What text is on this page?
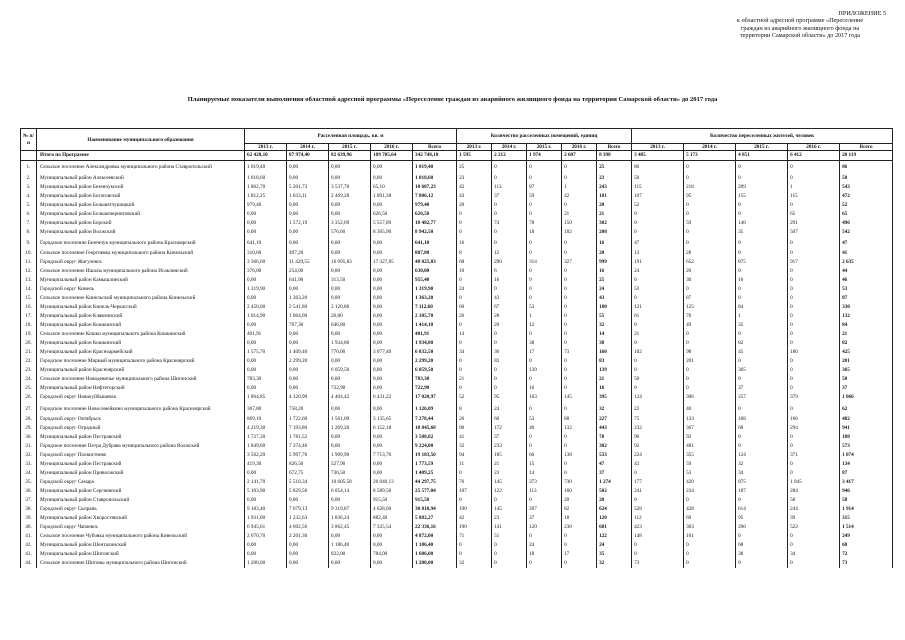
ПРИЛОЖЕНИЕ 5
к областной адресной программе «Переселение
граждан из аварийного жилищного фонда на
территории Самарской области» до 2017 года
Планируемые показатели выполнения областной адресной программы «Переселение граждан из аварийного жилищного фонда на территории Самарской области» до 2017 года
№ п/п	Наименование муниципального образования	Расселенная площадь, кв. м					Количество расселенных помещений, единиц					Количество переселенных жителей, человек				
		2013 г.	2014 г.	2015 г.	2016 г.	Всего	2013 г.	2014 г.	2015 г.	2016 г.	Всего	2013 г.	2014 г.	2015 г.	2016 г.	Всего
	Итого по Программе	62 428,10	87 974,40	82 639,96	109 705,64	342 748,10	1 595	2 212	1 974	2 607	8 398	3 485	5 173	4 851	6 412	20 119
1.	Сельское поселение Александровка муниципального района Ставропольский	1 019,40	0,00	0,00	0,00	1 019,40	25	0	0	0	25	86	0	0	0	86
2.	Муниципальный район Алексеевский	1 018,60	0,00	0,00	0,00	1 018,60	23	0	0	0	23	50	0	0	0	50
3.	Муниципальный район Безенчукский	1 862,70	5 201,73	3 537,70	65,10	10 607,23	42	113	87	1	243	115	218	209	1	543
4.	Муниципальный район Богатовский	1 812,25	1 633,11	2 469,28	1 891,38	7 806,12	43	37	59	42	181	107	95	155	115	472
5.	Муниципальный район Большеглушицкий	979,40	0,00	0,00	0,00	979,40	20	0	0	0	20	52	0	0	0	52
6.	Муниципальный район Большечерниговский	0,00	0,00	0,00	626,50	626,50	0	0	0	21	21	0	0	0	65	65
7.	Муниципальный район Борский	0,00	1 572,19	3 352,69	5 557,89	10 482,77	0	74	78	150	302	0	59	146	291	496
8.	Муниципальный район Волжский	0,00	0,00	576,60	8 365,90	8 942,50	0	0	18	182	200	0	0	35	507	542
9.	Городское поселение Безенчук муниципального района Красноярский	641,10	0,00	0,00	0,00	641,10	16	0	0	0	16	47	0	0	0	47
10.	Сельское поселение Георгиевка муниципального района Кинельский	310,60	497,20	0,00	0,00	807,80	8	12	0	0	20	13	28	0	0	41
11.	Городской округ Жигулевск	3 366,60	11 429,55	16 095,83	17 327,05	48 025,03	68	290	314	327	999	191	652	875	917	2 635
12.	Сельское поселение Ишалы муниципального района Исаклинский	376,00	254,00	0,00	0,00	630,00	10	6	0	0	16	24	20	0	0	44
13.	Муниципальный район Камышлинский	0,00	641,90	313,50	0,00	955,40	0	16	9	0	25	0	30	16	0	46
14.	Городской округ Кинель	1 319,90	0,00	0,00	0,00	1 319,90	24	0	0	0	24	53	0	0	0	53
15.	Сельское поселение Кинельский муниципального района Кинельский	0,00	1 363,20	0,00	0,00	1 363,20	0	43	0	0	43	0	87	0	0	87
16.	Муниципальный район Кинель-Черкасский	2 450,00	2 541,80	2 120,80	0,00	7 112,60	60	67	53	0	180	121	125	84	0	330
17.	Муниципальный район Клявлинский	1 014,90	1 064,00	26,80	0,00	2 105,70	26	28	1	0	55	61	70	1	0	132
18.	Муниципальный район Кошкинский	0,00	767,30	646,80	0,00	1 414,10	0	20	12	0	32	0	49	35	0	84
19.	Сельское поселение Кошки муниципального района Кошкинский	401,91	0,00	0,00	0,00	401,91	14	0	0	0	14	21	0	0	0	21
20.	Муниципальный район Кошкинский	0,00	0,00	1 934,80	0,00	1 934,80	0	0	38	0	38	0	0	82	0	82
21.	Муниципальный район Красноармейский	1 575,70	1 409,40	770,00	3 077,40	6 832,50	34	36	17	73	160	102	98	45	180	425
22.	Городское поселение Мирный муниципального района Красноярский	0,00	2 299,20	0,00	0,00	2 299,20	0	83	0	0	83	0	201	0	0	201
23.	Муниципальный район Красноярский	0,00	0,00	6 059,50	0,00	6 059,50	0	0	139	0	139	0	0	365	0	365
24.	Сельское поселение Новодевичье муниципального района Шигонский	783,30	0,00	0,00	0,00	783,30	21	0	0	0	21	50	0	0	0	50
25.	Муниципальный район Нефтегорский	0,00	0,00	722,90	0,00	722,90	0	0	16	0	16	0	0	37	0	37
26.	Городской округ Новокуйбышевск	1 864,85	4 320,90	4 404,42	6 431,22	17 020,97	52	95	103	145	395	124	306	257	379	1 066
27.	Городское поселение Новосемейкино муниципального района Красноярский	367,80	758,20	0,00	0,00	1 126,09	8	24	0	0	32	22	40	0	0	62
28.	Городской округ Октябрьск	869,10	1 722,60	1 561,09	3 135,65	7 278,44	26	60	53	88	227	75	133	108	166	482
29.	Городской округ Отрадный	4 219,30	7 193,80	1 269,20	6 152,18	18 845,68	90	172	40	132	443	232	367	68	294	941
30.	Муниципальный район Пестравский	1 727,30	1 781,52	0,00	0,00	3 508,82	41	37	0	0	78	96	92	0	0	188
31.	Городское поселение Петра Дубрава муниципального района Волжский	1 849,60	7 374,40	0,00	0,00	9 224,00	32	233	0	0	302	92	481	0	0	573
32.	Городской округ Похвистнево	3 562,20	5 997,70	1 909,90	7 713,70	19 183,50	94	185	66	138	533	224	355	124	371	1 074
33.	Муниципальный район Пестравский	419,30	826,50	527,90	0,00	1 773,59	11	21	15	0	47	43	59	32	0	134
34.	Муниципальный район Приволжский	0,00	672,75	736,50	0,00	1 409,25	0	23	14	0	37	0	53	34	0	87
35.	Городской округ Самара	2 141,70	5 510,34	10 605,58	26 040,13	44 297,75	76	145	373	730	1 274	177	420	875	1 945	3 417
36.	Муниципальный район Сергиевский	5 103,90	5 829,50	6 054,14	8 589,50	25 577,04	107	122	113	160	502	241	234	187	284	946
37.	Муниципальный район Ставропольский	0,00	0,00	0,00	915,50	915,50	0	0	0	20	20	0	0	0	58	58
38.	Городской округ Сызрань	9 183,40	7 679,13	9 319,87	4 628,60	30 810,94	190	145	207	82	624	528	428	614	244	1 914
39.	Муниципальный район Хворостянский	1 931,00	1 232,63	1 836,24	882,40	5 882,27	42	23	37	18	120	112	69	95	39	315
40.	Городской округ Чапаевск	6 945,61	4 602,56	3 862,45	7 325,54	22 336,16	190	141	120	230	681	423	303	266	522	1 514
41.	Сельское поселение Чубовка муниципального района Кинельский	2 670,70	2 201,30	0,00	0,00	4 872,00	71	51	0	0	122	148	101	0	0	249
42.	Муниципальный район Шенталинский	0,00	0,00	1 186,40	0,00	1 186,40	0	0	24	0	24	0	0	68	0	68
43.	Муниципальный район Шигонский	0,00	0,00	822,00	784,00	1 606,00	0	0	18	17	35	0	0	38	34	72
44.	Сельское поселение Шигоны муниципального района Шигонский	1 200,00	0,00	0,00	0,00	1 200,00	32	0	0	0	32	73	0	0	0	73
